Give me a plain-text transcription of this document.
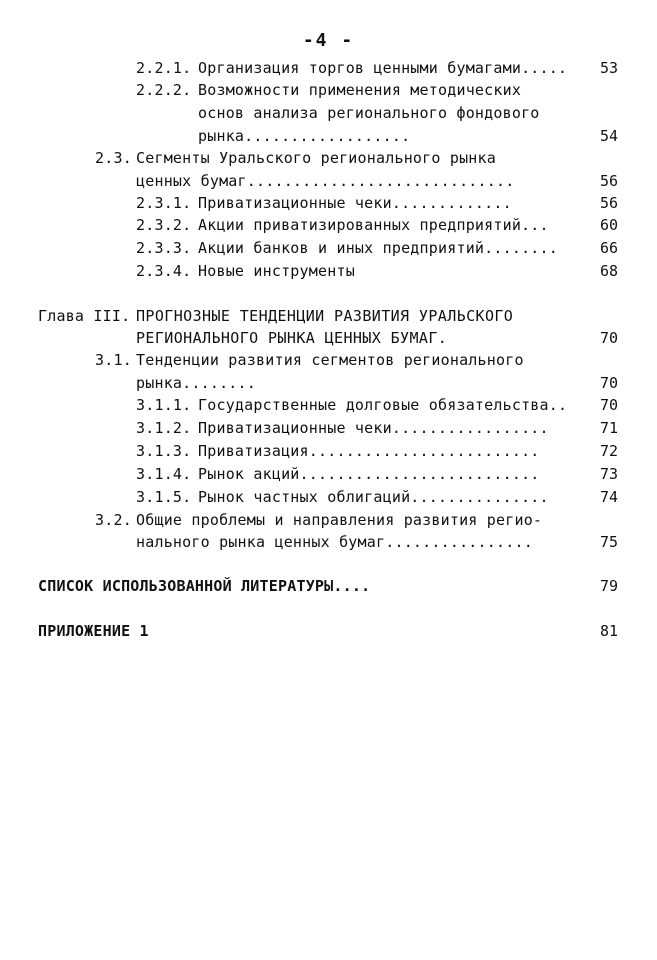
-4 -
2.2.1. Организация торгов ценными бумагами..... 53
2.2.2. Возможности применения методических
основ анализа регионального фондового
рынка..................	54
2.3. Сегменты Уральского регионального рынка
ценных бумаг.............................	56
2.3.1. Приватизационные чеки.............	56
2.3.2. Акции приватизированных предприятий...	60
2.3.3. Акции банков и иных предприятий........	66
2.3.4. Новые инструменты	68
Глава III. ПРОГНОЗНЫЕ ТЕНДЕНЦИИ РАЗВИТИЯ УРАЛЬСКОГО
РЕГИОНАЛЬНОГО РЫНКА ЦЕННЫХ БУМАГ.	70
3.1. Тенденции развития сегментов регионального
рынка........	70
3.1.1. Государственные долговые обязательства.. 70
3.1.2. Приватизационные чеки.................	71
3.1.3. Приватизация.........................	72
3.1.4. Рынок акций..........................	73
3.1.5. Рынок частных облигаций...............	74
3.2. Общие проблемы и направления развития регио-
нального рынка ценных бумаг................	75
СПИСОК ИСПОЛЬЗОВАННОЙ ЛИТЕРАТУРЫ....	79
ПРИЛОЖЕНИЕ 1	81
